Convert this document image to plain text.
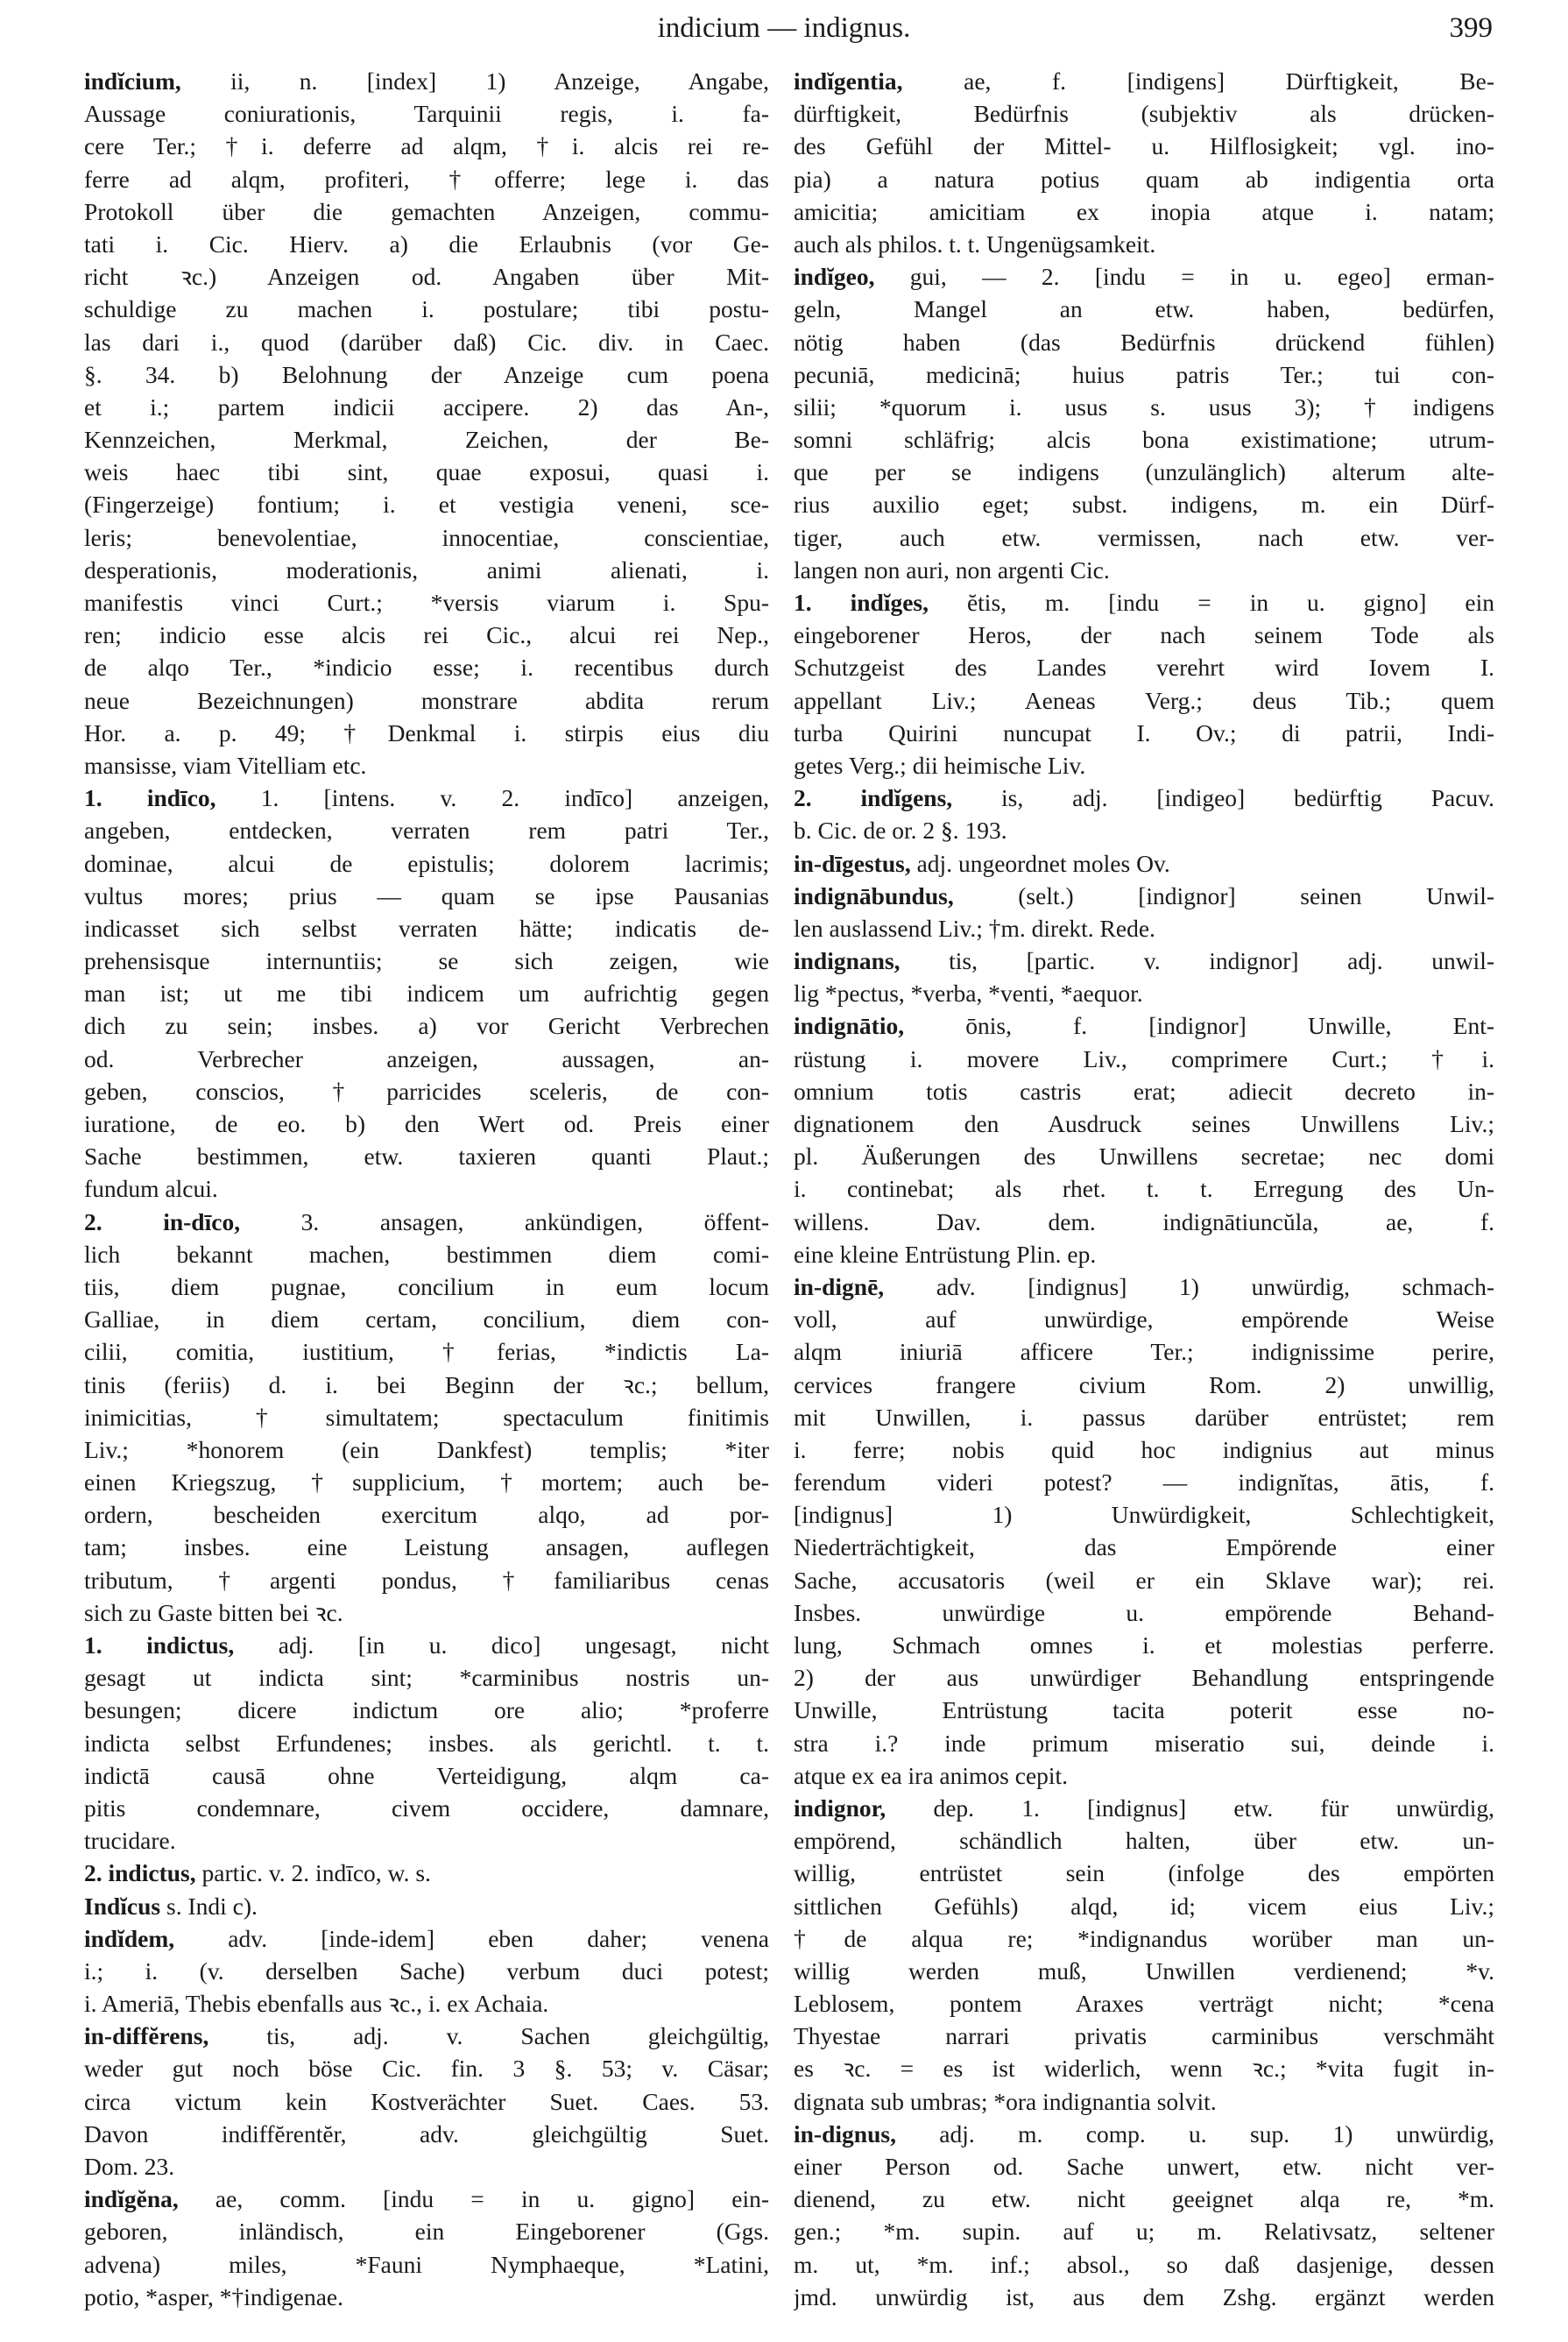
indicium — indignus.	399
indĭcium, ii, n. [index] 1) Anzeige, Angabe,
Aussage coniurationis, Tarquinii regis, i. fa-
cere Ter.; †i. deferre ad alqm, †i. alcis rei re-
ferre ad alqm, profiteri, †offerre; lege i. das
Protokoll über die gemachten Anzeigen, commu-
tati i. Cic. Hierv. a) die Erlaubnis (vor Ge-
richt ꝛc.) Anzeigen od. Angaben über Mit-
schuldige zu machen i. postulare; tibi postu-
las dari i., quod (darüber daß) Cic. div. in Caec.
§. 34. b) Belohnung der Anzeige cum poena
et i.; partem indicii accipere. 2) das An-,
Kennzeichen, Merkmal, Zeichen, der Be-
weis haec tibi sint, quae exposui, quasi i.
(Fingerzeige) fontium; i. et vestigia veneni, sce-
leris; benevolentiae, innocentiae, conscientiae,
desperationis, moderationis, animi alienati, i.
manifestis vinci Curt.; *versis viarum i. Spu-
ren; indicio esse alcis rei Cic., alcui rei Nep.,
de alqo Ter., *indicio esse; i. recentibus durch
neue Bezeichnungen) monstrare abdita rerum
Hor. a. p. 49; †Denkmal i. stirpis eius diu
mansisse, viam Vitelliam etc.
1. indīco, 1. [intens. v. 2. indīco] anzeigen,
angeben, entdecken, verraten rem patri Ter.,
dominae, alcui de epistulis; dolorem lacrimis;
vultus mores; prius — quam se ipse Pausanias
indicasset sich selbst verraten hätte; indicatis de-
prehensisque internuntiis; se sich zeigen, wie
man ist; ut me tibi indicem um aufrichtig gegen
dich zu sein; insbes. a) vor Gericht Verbrechen
od. Verbrecher anzeigen, aussagen, an-
geben, conscios, †parricides sceleris, de con-
iuratione, de eo. b) den Wert od. Preis einer
Sache bestimmen, etw. taxieren quanti Plaut.;
fundum alcui.
2. in-dīco, 3. ansagen, ankündigen, öffent-
lich bekannt machen, bestimmen diem comi-
tiis, diem pugnae, concilium in eum locum
Galliae, in diem certam, concilium, diem con-
cilii, comitia, iustitium, †ferias, *indictis La-
tinis (feriis) d. i. bei Beginn der ꝛc.; bellum,
inimicitias, †simultatem; spectaculum finitimis
Liv.; *honorem (ein Dankfest) templis; *iter
einen Kriegszug, †supplicium, †mortem; auch be-
ordern, bescheiden exercitum alqo, ad por-
tam; insbes. eine Leistung ansagen, auflegen
tributum, †argenti pondus, †familiaribus cenas
sich zu Gaste bitten bei ꝛc.
1. indictus, adj. [in u. dico] ungesagt, nicht
gesagt ut indicta sint; *carminibus nostris un-
besungen; dicere indictum ore alio; *proferre
indicta selbst Erfundenes; insbes. als gerichtl. t. t.
indictā causā ohne Verteidigung, alqm ca-
pitis condemnare, civem occidere, damnare,
trucidare.
2. indictus, partic. v. 2. indīco, w. s.
Indĭcus s. Indi c).
indĭdem, adv. [inde-idem] eben daher; venena
i.; i. (v. derselben Sache) verbum duci potest;
i. Ameriā, Thebis ebenfalls aus ꝛc., i. ex Achaia.
in-diffĕrens, tis, adj. v. Sachen gleichgültig,
weder gut noch böse Cic. fin. 3 §. 53; v. Cäsar;
circa victum kein Kostverächter Suet. Caes. 53.
Davon indiffĕrentĕr, adv. gleichgültig Suet.
Dom. 23.
indĭgĕna, ae, comm. [indu = in u. gigno] ein-
geboren, inländisch, ein Eingeborener (Ggs.
advena) miles, *Fauni Nymphaeque, *Latini,
potio, *asper, *†indigenae.
indĭgentia, ae, f. [indigens] Dürftigkeit, Be-
dürftigkeit, Bedürfnis (subjektiv als drücken-
des Gefühl der Mittel- u. Hilflosigkeit; vgl. ino-
pia) a natura potius quam ab indigentia orta
amicitia; amicitiam ex inopia atque i. natam;
auch als philos. t. t. Ungenügsamkeit.
indĭgeo, gui, — 2. [indu = in u. egeo] erman-
geln, Mangel an etw. haben, bedürfen,
nötig haben (das Bedürfnis drückend fühlen)
pecuniā, medicinā; huius patris Ter.; tui con-
silii; *quorum i. usus s. usus 3); †indigens
somni schläfrig; alcis bona existimatione; utrum-
que per se indigens (unzulänglich) alterum alte-
rius auxilio eget; subst. indigens, m. ein Dürf-
tiger, auch etw. vermissen, nach etw. ver-
langen non auri, non argenti Cic.
1. indĭges, ĕtis, m. [indu = in u. gigno] ein
eingeborener Heros, der nach seinem Tode als
Schutzgeist des Landes verehrt wird Iovem I.
appellant Liv.; Aeneas Verg.; deus Tib.; quem
turba Quirini nuncupat I. Ov.; di patrii, Indi-
getes Verg.; dii heimische Liv.
2. indĭgens, is, adj. [indigeo] bedürftig Pacuv.
b. Cic. de or. 2 §. 193.
in-dīgestus, adj. ungeordnet moles Ov.
indignābundus, (selt.) [indignor] seinen Unwil-
len auslassend Liv.; †m. direkt. Rede.
indignans, tis, [partic. v. indignor] adj. unwil-
lig *pectus, *verba, *venti, *aequor.
indignātio, ōnis, f. [indignor] Unwille, Ent-
rüstung i. movere Liv., comprimere Curt.; †i.
omnium totis castris erat; adiecit decreto in-
dignationem den Ausdruck seines Unwillens Liv.;
pl. Äußerungen des Unwillens secretae; nec domi
i. continebat; als rhet. t. t. Erregung des Un-
willens. Dav. dem. indignātiuncŭla, ae, f.
eine kleine Entrüstung Plin. ep.
in-dignē, adv. [indignus] 1) unwürdig, schmach-
voll, auf unwürdige, empörende Weise
alqm iniuriā afficere Ter.; indignissime perire,
cervices frangere civium Rom. 2) unwillig,
mit Unwillen, i. passus darüber entrüstet; rem
i. ferre; nobis quid hoc indignius aut minus
ferendum videri potest? — indignĭtas, ātis, f.
[indignus] 1) Unwürdigkeit, Schlechtigkeit,
Niederträchtigkeit, das Empörende einer
Sache, accusatoris (weil er ein Sklave war); rei.
Insbes. unwürdige u. empörende Behand-
lung, Schmach omnes i. et molestias perferre.
2) der aus unwürdiger Behandlung entspringende
Unwille, Entrüstung tacita poterit esse no-
stra i.? inde primum miseratio sui, deinde i.
atque ex ea ira animos cepit.
indignor, dep. 1. [indignus] etw. für unwürdig,
empörend, schändlich halten, über etw. un-
willig, entrüstet sein (infolge des empörten
sittlichen Gefühls) alqd, id; vicem eius Liv.;
†de alqua re; *indignandus worüber man un-
willig werden muß, Unwillen verdienend; *v.
Leblosem, pontem Araxes verträgt nicht; *cena
Thyestae narrari privatis carminibus verschmäht
es ꝛc. = es ist widerlich, wenn ꝛc.; *vita fugit in-
dignata sub umbras; *ora indignantia solvit.
in-dignus, adj. m. comp. u. sup. 1) unwürdig,
einer Person od. Sache unwert, etw. nicht ver-
dienend, zu etw. nicht geeignet alqa re, *m.
gen.; *m. supin. auf u; m. Relativsatz, seltener
m. ut, *m. inf.; absol., so daß dasjenige, dessen
jmd. unwürdig ist, aus dem Zshg. ergänzt werden
